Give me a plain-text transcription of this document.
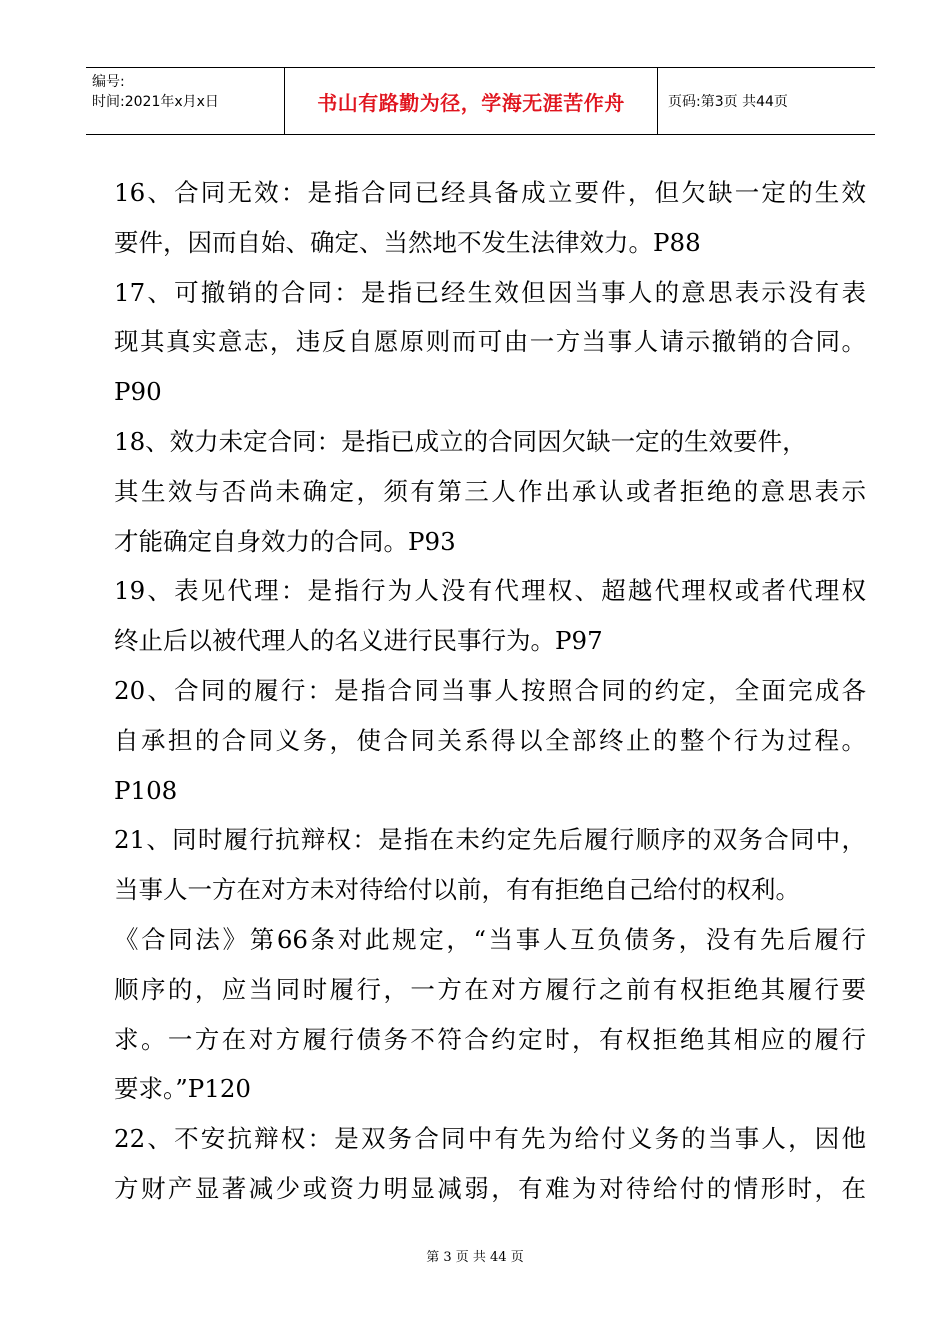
编号:
时间:2021年x月x日	书山有路勤为径，学海无涯苦作舟	页码:第3页 共44页
16、合同无效：是指合同已经具备成立要件，但欠缺一定的生效
要件，因而自始、确定、当然地不发生法律效力。P88
17、可撤销的合同：是指已经生效但因当事人的意思表示没有表
现其真实意志，违反自愿原则而可由一方当事人请示撤销的合同。
P90
18、效力未定合同：是指已成立的合同因欠缺一定的生效要件，
其生效与否尚未确定，须有第三人作出承认或者拒绝的意思表示
才能确定自身效力的合同。P93
19、表见代理：是指行为人没有代理权、超越代理权或者代理权
终止后以被代理人的名义进行民事行为。P97
20、合同的履行：是指合同当事人按照合同的约定，全面完成各
自承担的合同义务，使合同关系得以全部终止的整个行为过程。
P108
21、同时履行抗辩权：是指在未约定先后履行顺序的双务合同中，
当事人一方在对方未对待给付以前，有有拒绝自己给付的权利。
《合同法》第66条对此规定，“当事人互负债务，没有先后履行
顺序的，应当同时履行，一方在对方履行之前有权拒绝其履行要
求。一方在对方履行债务不符合约定时，有权拒绝其相应的履行
要求。”P120
22、不安抗辩权：是双务合同中有先为给付义务的当事人，因他
方财产显著减少或资力明显减弱，有难为对待给付的情形时，在
第 3 页 共 44 页
